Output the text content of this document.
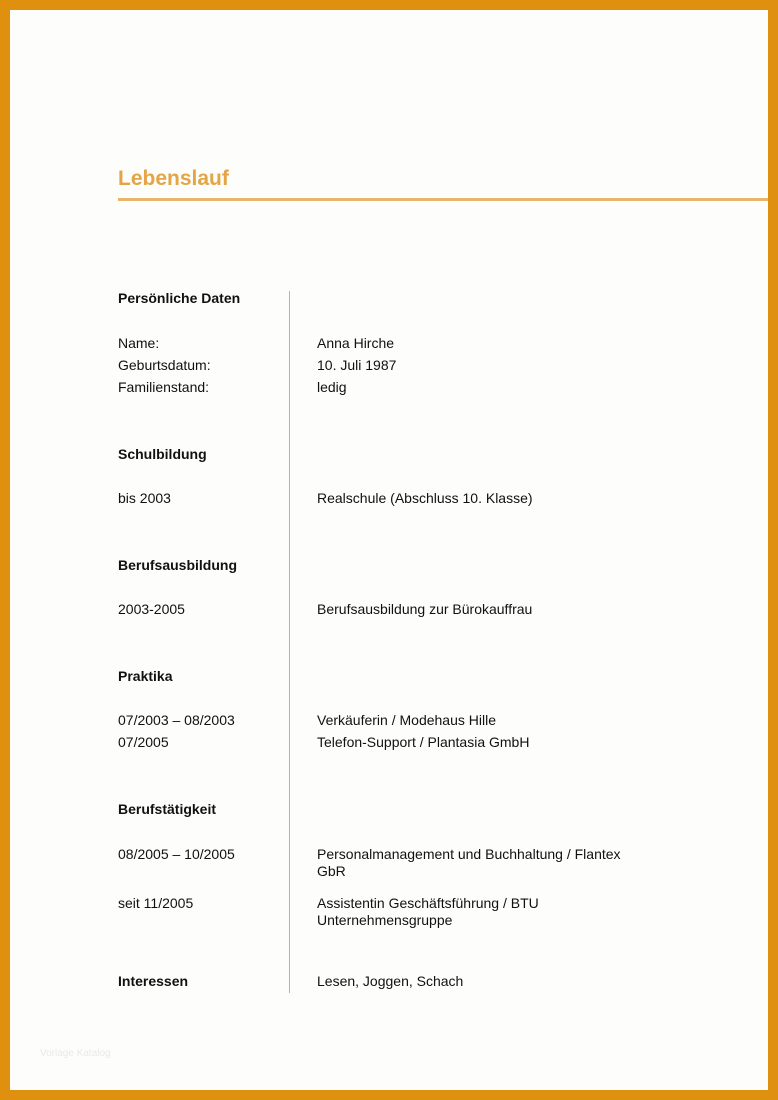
Lebenslauf
Persönliche Daten
Name:	Anna Hirche
Geburtsdatum:	10. Juli 1987
Familienstand:	ledig
Schulbildung
bis 2003	Realschule (Abschluss 10. Klasse)
Berufsausbildung
2003-2005	Berufsausbildung zur Bürokauffrau
Praktika
07/2003 – 08/2003	Verkäuferin / Modehaus Hille
07/2005	Telefon-Support / Plantasia GmbH
Berufstätigkeit
08/2005 – 10/2005	Personalmanagement und Buchhaltung / Flantex
GbR
seit 11/2005	Assistentin Geschäftsführung / BTU
Unternehmensgruppe
Interessen	Lesen, Joggen, Schach
Vorlage Katalog
